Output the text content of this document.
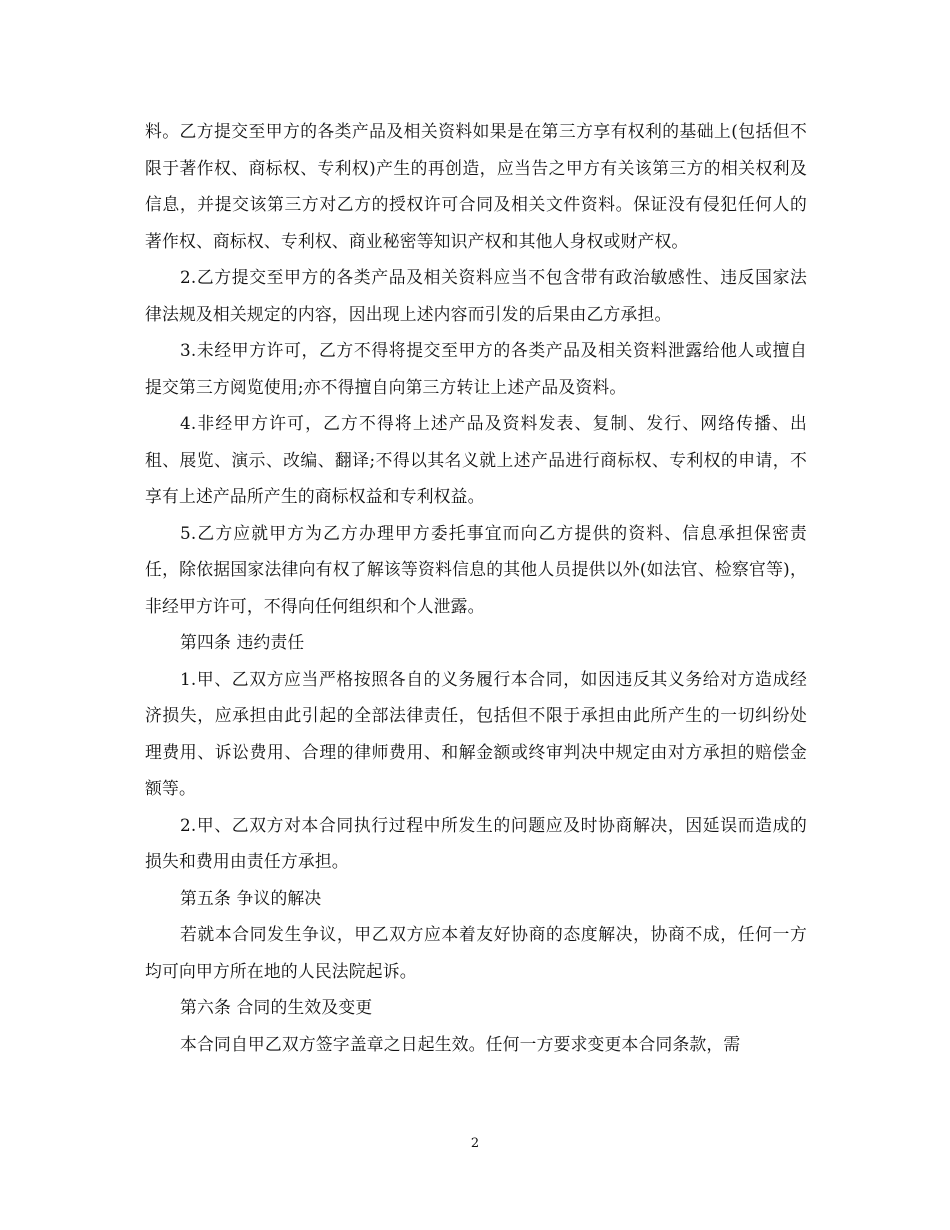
料。乙方提交至甲方的各类产品及相关资料如果是在第三方享有权利的基础上(包括但不限于著作权、商标权、专利权)产生的再创造，应当告之甲方有关该第三方的相关权利及信息，并提交该第三方对乙方的授权许可合同及相关文件资料。保证没有侵犯任何人的著作权、商标权、专利权、商业秘密等知识产权和其他人身权或财产权。

2.乙方提交至甲方的各类产品及相关资料应当不包含带有政治敏感性、违反国家法律法规及相关规定的内容，因出现上述内容而引发的后果由乙方承担。

3.未经甲方许可，乙方不得将提交至甲方的各类产品及相关资料泄露给他人或擅自提交第三方阅览使用;亦不得擅自向第三方转让上述产品及资料。

4.非经甲方许可，乙方不得将上述产品及资料发表、复制、发行、网络传播、出租、展览、演示、改编、翻译;不得以其名义就上述产品进行商标权、专利权的申请，不享有上述产品所产生的商标权益和专利权益。

5.乙方应就甲方为乙方办理甲方委托事宜而向乙方提供的资料、信息承担保密责任，除依据国家法律向有权了解该等资料信息的其他人员提供以外(如法官、检察官等)，非经甲方许可，不得向任何组织和个人泄露。

第四条 违约责任

1.甲、乙双方应当严格按照各自的义务履行本合同，如因违反其义务给对方造成经济损失，应承担由此引起的全部法律责任，包括但不限于承担由此所产生的一切纠纷处理费用、诉讼费用、合理的律师费用、和解金额或终审判决中规定由对方承担的赔偿金额等。

2.甲、乙双方对本合同执行过程中所发生的问题应及时协商解决，因延误而造成的损失和费用由责任方承担。

第五条 争议的解决

若就本合同发生争议，甲乙双方应本着友好协商的态度解决，协商不成，任何一方均可向甲方所在地的人民法院起诉。

第六条 合同的生效及变更

本合同自甲乙双方签字盖章之日起生效。任何一方要求变更本合同条款，需

2
